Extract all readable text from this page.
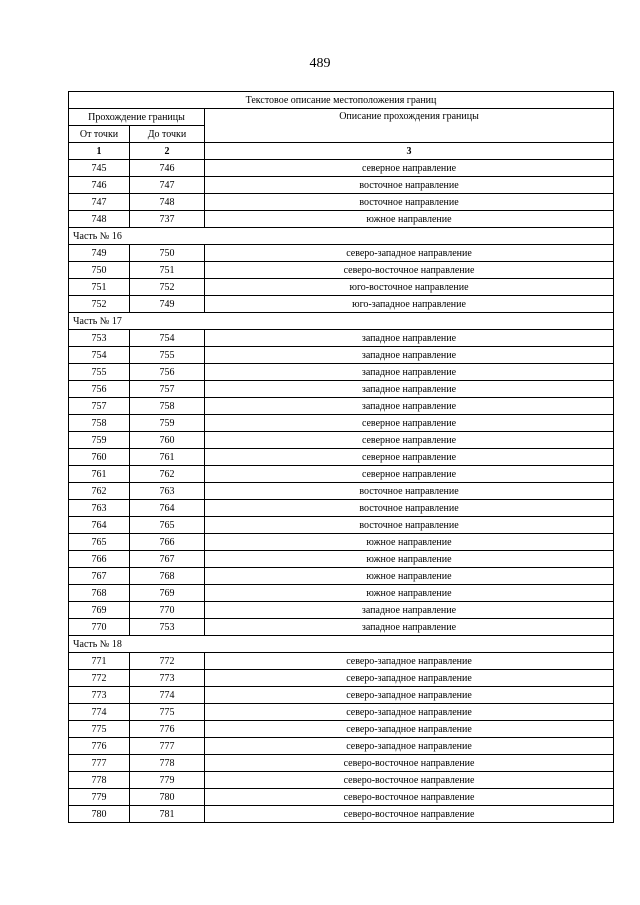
489
Текстовое описание местоположения границ		
Прохождение границы		Описание прохождения границы
От точки	До точки	
1	2	3
745	746	северное направление
746	747	восточное направление
747	748	восточное направление
748	737	южное направление
Часть № 16		
749	750	северо-западное направление
750	751	северо-восточное направление
751	752	юго-восточное направление
752	749	юго-западное направление
Часть № 17		
753	754	западное направление
754	755	западное направление
755	756	западное направление
756	757	западное направление
757	758	западное направление
758	759	северное направление
759	760	северное направление
760	761	северное направление
761	762	северное направление
762	763	восточное направление
763	764	восточное направление
764	765	восточное направление
765	766	южное направление
766	767	южное направление
767	768	южное направление
768	769	южное направление
769	770	западное направление
770	753	западное направление
Часть № 18		
771	772	северо-западное направление
772	773	северо-западное направление
773	774	северо-западное направление
774	775	северо-западное направление
775	776	северо-западное направление
776	777	северо-западное направление
777	778	северо-восточное направление
778	779	северо-восточное направление
779	780	северо-восточное направление
780	781	северо-восточное направление
